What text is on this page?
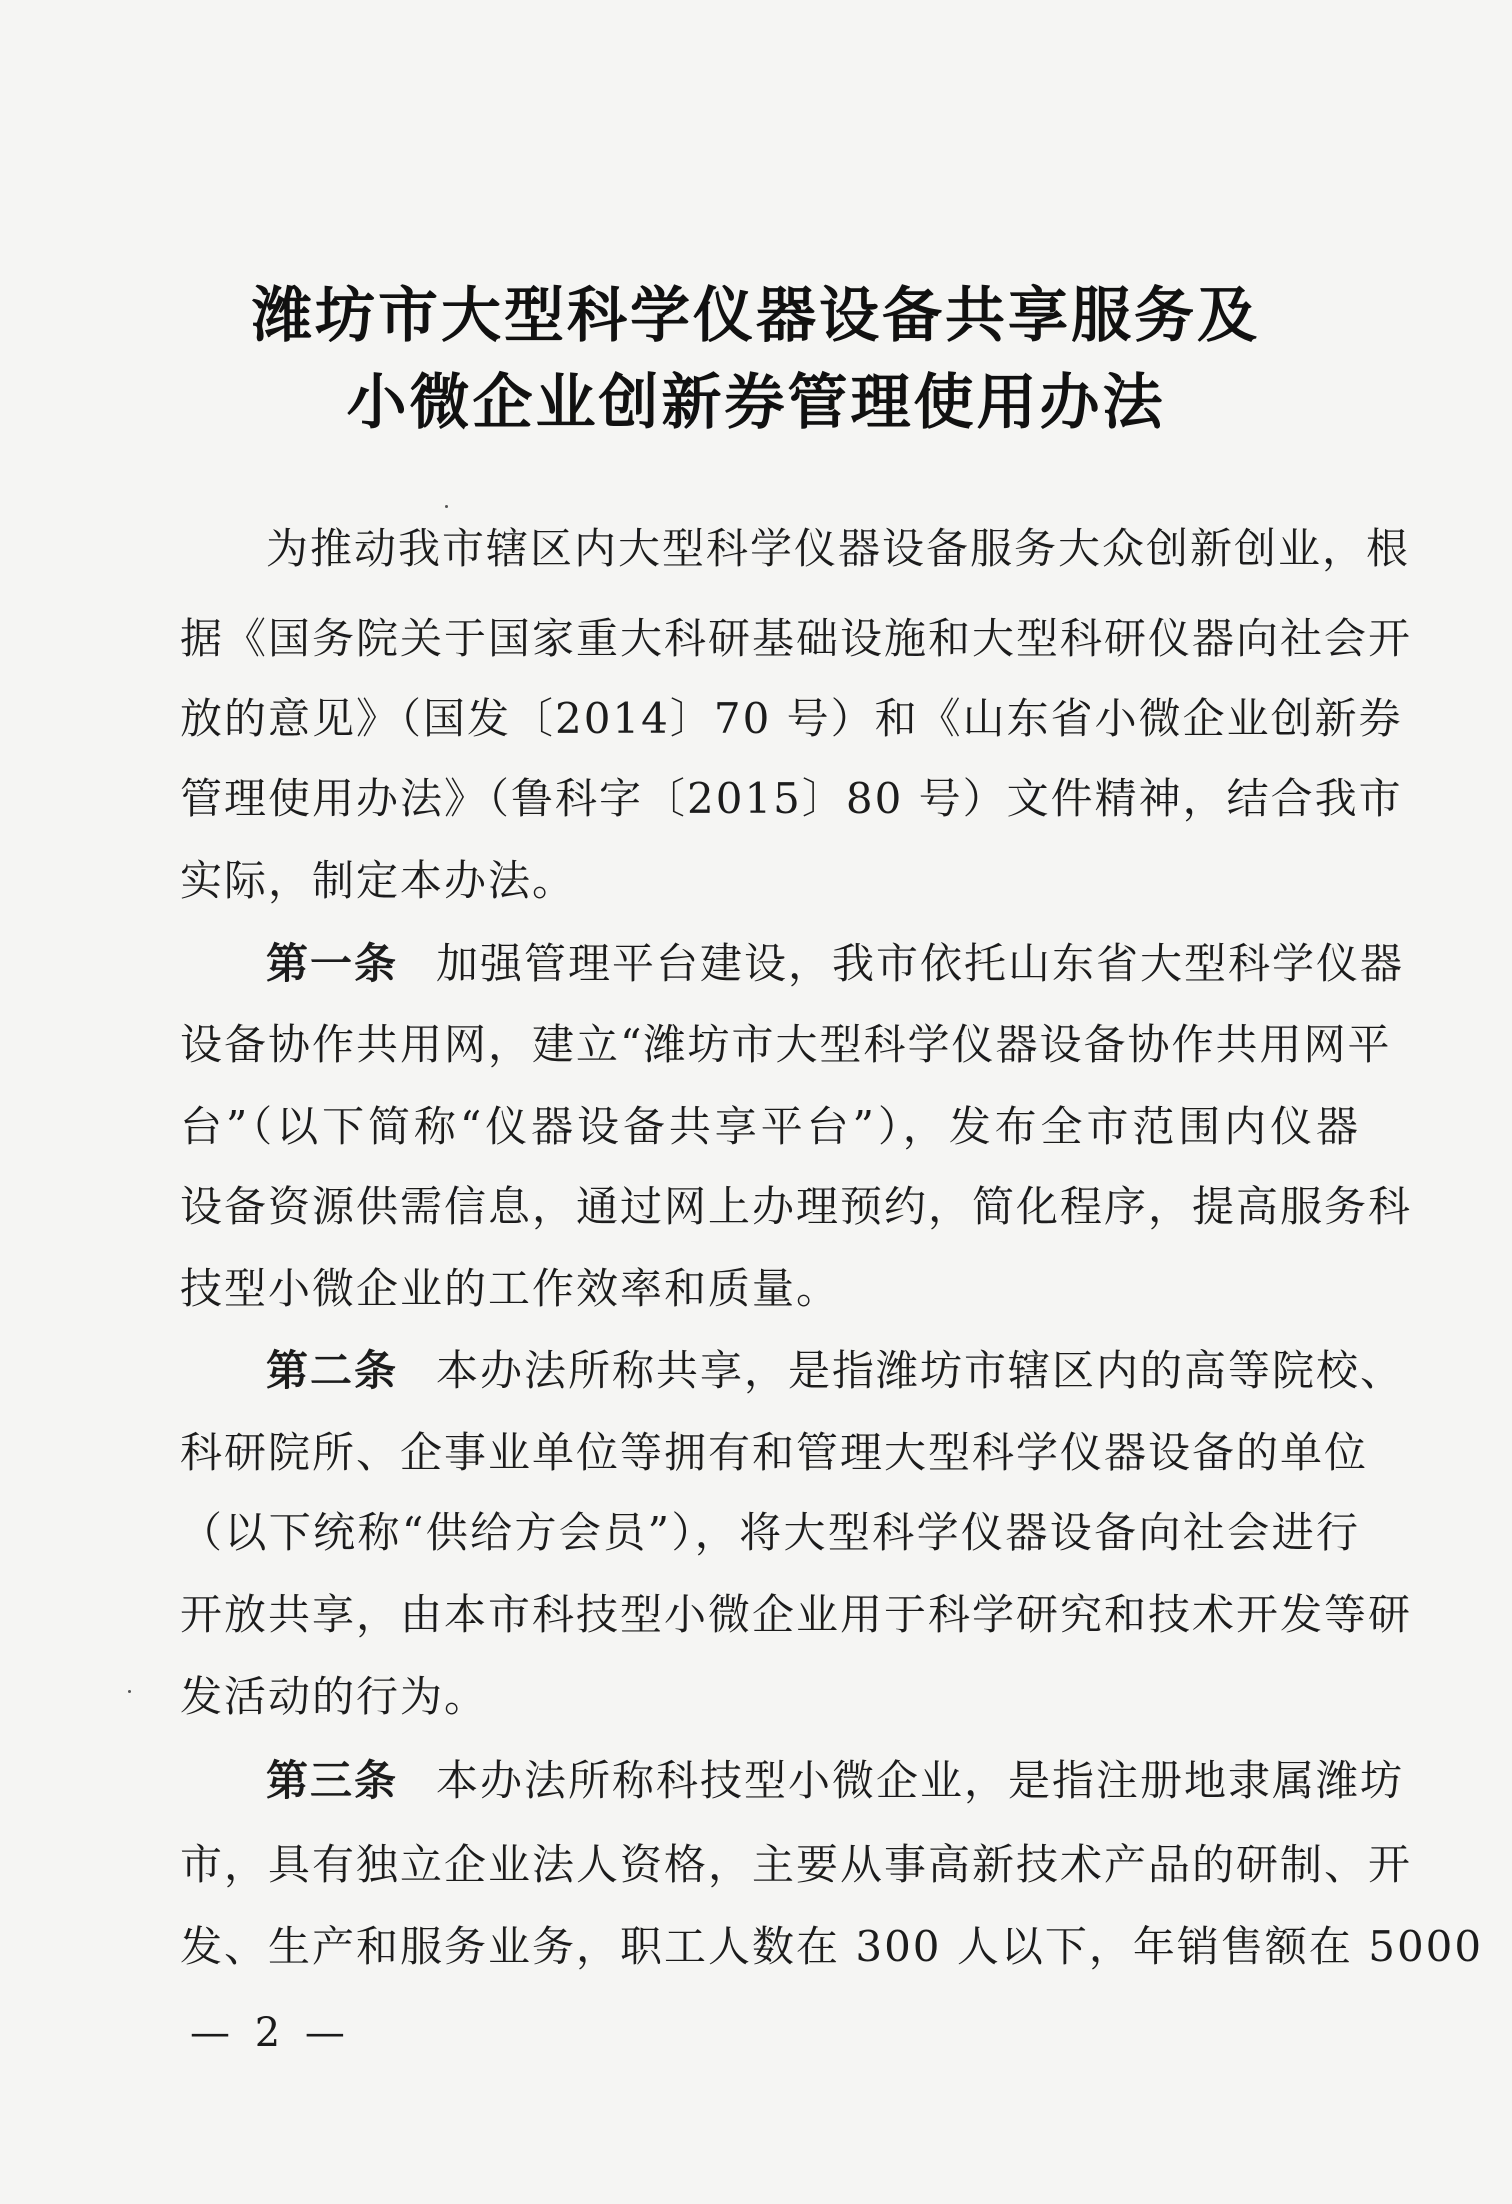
潍坊市大型科学仪器设备共享服务及
小微企业创新券管理使用办法
为推动我市辖区内大型科学仪器设备服务大众创新创业，根
据《国务院关于国家重大科研基础设施和大型科研仪器向社会开
放的意见》（国发〔2014〕70 号）和《山东省小微企业创新券
管理使用办法》（鲁科字〔2015〕80 号）文件精神，结合我市
实际，制定本办法。
第一条 加强管理平台建设，我市依托山东省大型科学仪器
设备协作共用网，建立“潍坊市大型科学仪器设备协作共用网平
台”（以下简称“仪器设备共享平台”），发布全市范围内仪器
设备资源供需信息，通过网上办理预约，简化程序，提高服务科
技型小微企业的工作效率和质量。
第二条 本办法所称共享，是指潍坊市辖区内的高等院校、
科研院所、企事业单位等拥有和管理大型科学仪器设备的单位
（以下统称“供给方会员”），将大型科学仪器设备向社会进行
开放共享，由本市科技型小微企业用于科学研究和技术开发等研
发活动的行为。
第三条 本办法所称科技型小微企业，是指注册地隶属潍坊
市，具有独立企业法人资格，主要从事高新技术产品的研制、开
发、生产和服务业务，职工人数在 300 人以下，年销售额在 5000
— 2 —
